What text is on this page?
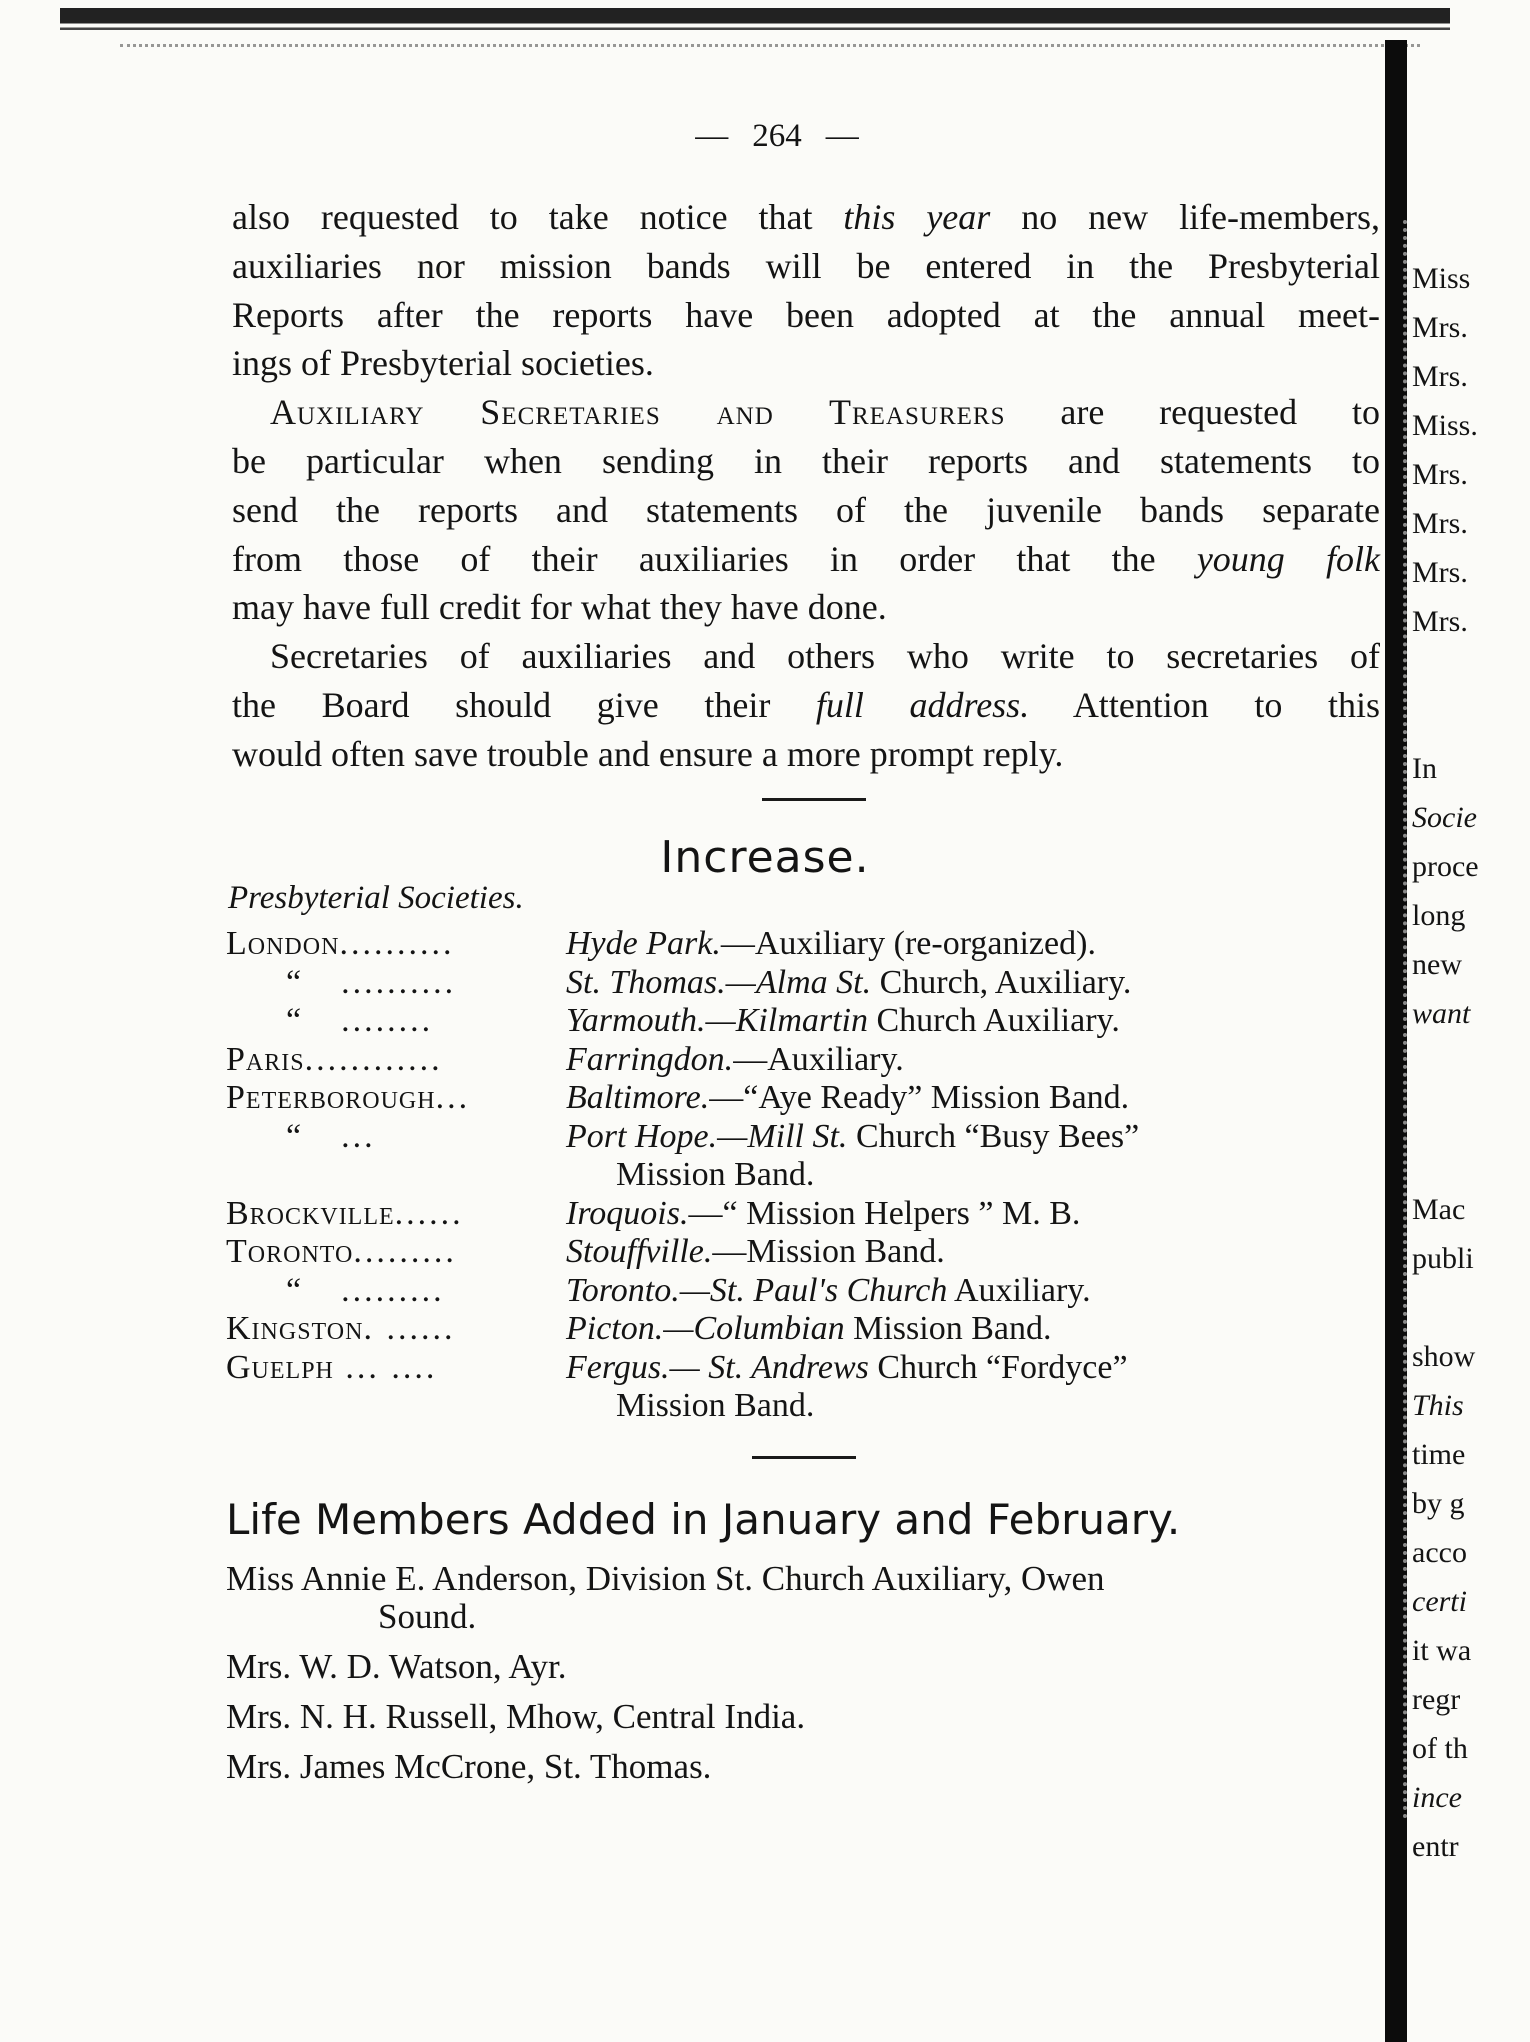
— 264 —
also requested to take notice that this year no new life-members,
auxiliaries nor mission bands will be entered in the Presbyterial
Reports after the reports have been adopted at the annual meet-
ings of Presbyterial societies.
Auxiliary Secretaries and Treasurers are requested to
be particular when sending in their reports and statements to
send the reports and statements of the juvenile bands separate
from those of their auxiliaries in order that the young folk
may have full credit for what they have done.
Secretaries of auxiliaries and others who write to secretaries of
the Board should give their full address. Attention to this
would often save trouble and ensure a more prompt reply.
Increase.
Presbyterial Societies.
London..........	Hyde Park.—Auxiliary (re-organized).
“ ..........	St. Thomas.—Alma St. Church, Auxiliary.
“ ........	Yarmouth.—Kilmartin Church Auxiliary.
Paris............	Farringdon.—Auxiliary.
Peterborough...	Baltimore.—“Aye Ready” Mission Band.
“ ...	Port Hope.—Mill St. Church “Busy Bees”
Mission Band.
Brockville......	Iroquois.—“ Mission Helpers ” M. B.
Toronto.........	Stouffville.—Mission Band.
“ .........	Toronto.—St. Paul's Church Auxiliary.
Kingston. ......	Picton.—Columbian Mission Band.
Guelph ... ....	Fergus.— St. Andrews Church “Fordyce”
Mission Band.
Life Members Added in January and February.
Miss Annie E. Anderson, Division St. Church Auxiliary, Owen
Sound.
Mrs. W. D. Watson, Ayr.
Mrs. N. H. Russell, Mhow, Central India.
Mrs. James McCrone, St. Thomas.
Miss
Mrs.
Mrs.
Miss.
Mrs.
Mrs.
Mrs.
Mrs.
In
Socie
proce
long
new
want
Mac
publi
show
This
time
by g
acco
certi
it wa
regr
of th
ince
entr
